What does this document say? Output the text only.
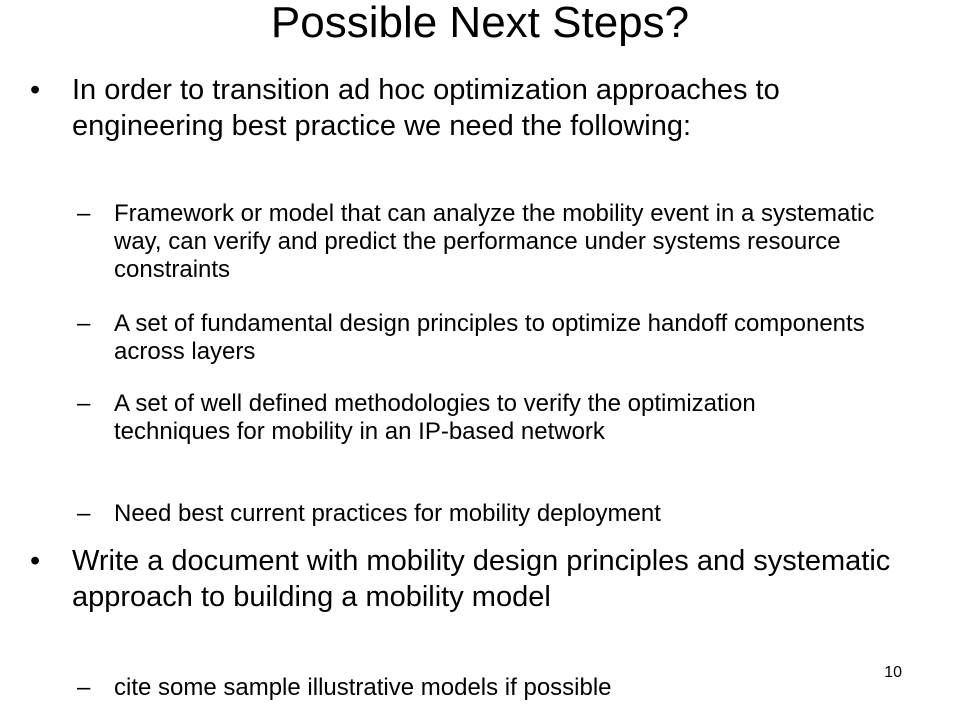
Possible Next Steps?
•	In order to transition ad hoc optimization approaches to engineering best practice we need the following:
– Framework or model that can analyze the mobility event in a systematic way, can verify and predict the performance under systems resource constraints
– A set of fundamental design principles to optimize handoff components across layers
– A set of well defined methodologies to verify the optimization techniques for mobility in an IP-based network
– Need best current practices for mobility deployment
•	Write a document with mobility design principles and systematic approach to building a mobility model
– cite some sample illustrative models if possible
10
